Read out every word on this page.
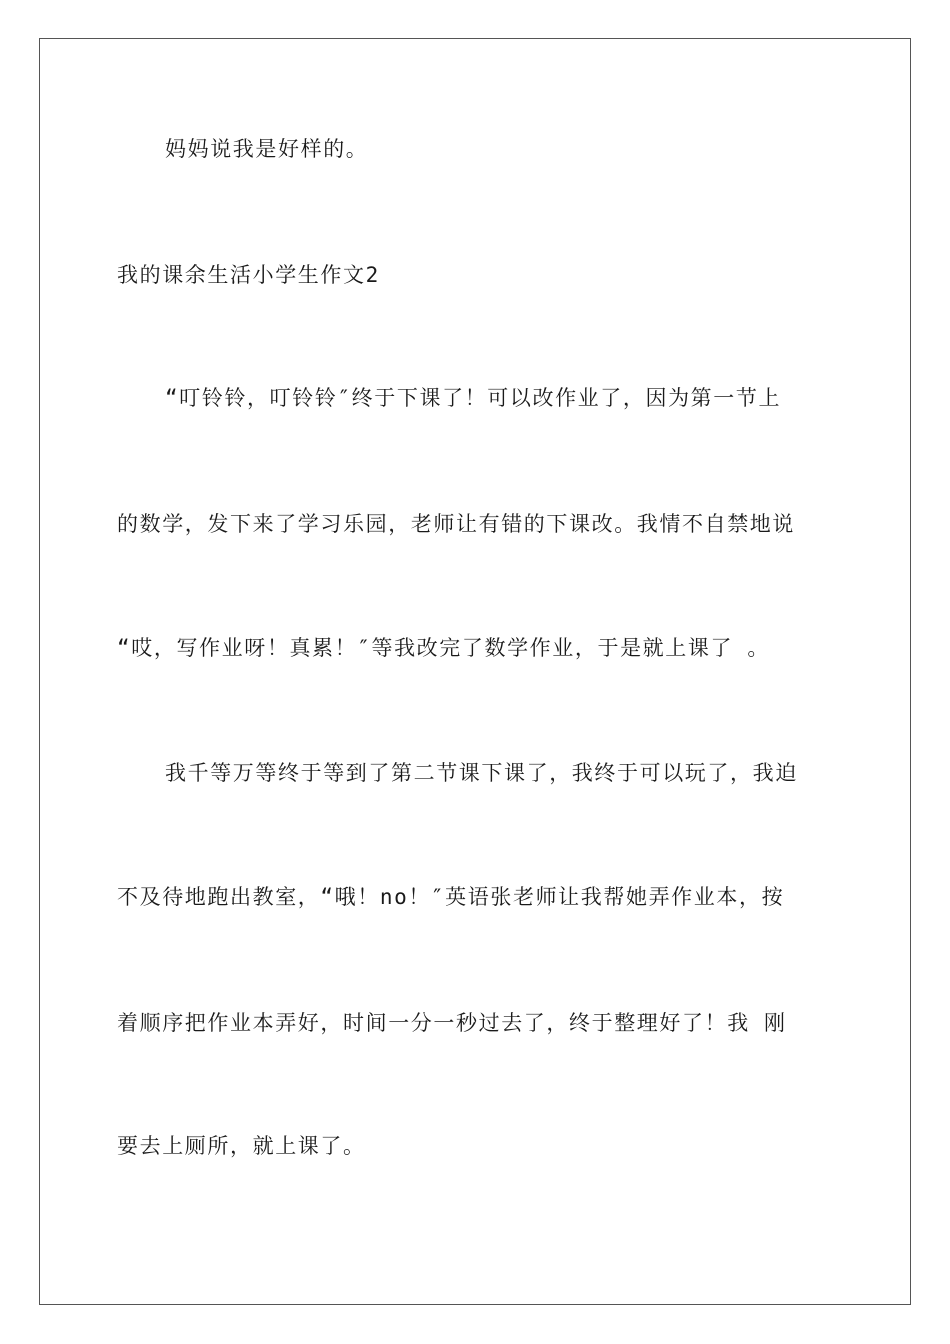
妈妈说我是好样的。
我的课余生活小学生作文2
“叮铃铃，叮铃铃″终于下课了！可以改作业了，因为第一节上
的数学，发下来了学习乐园，老师让有错的下课改。我情不自禁地说
“哎，写作业呀！真累！″等我改完了数学作业，于是就上课了 。
我千等万等终于等到了第二节课下课了，我终于可以玩了，我迫
不及待地跑出教室，“哦！no！″英语张老师让我帮她弄作业本，按
着顺序把作业本弄好，时间一分一秒过去了，终于整理好了！我 刚
要去上厕所，就上课了。
